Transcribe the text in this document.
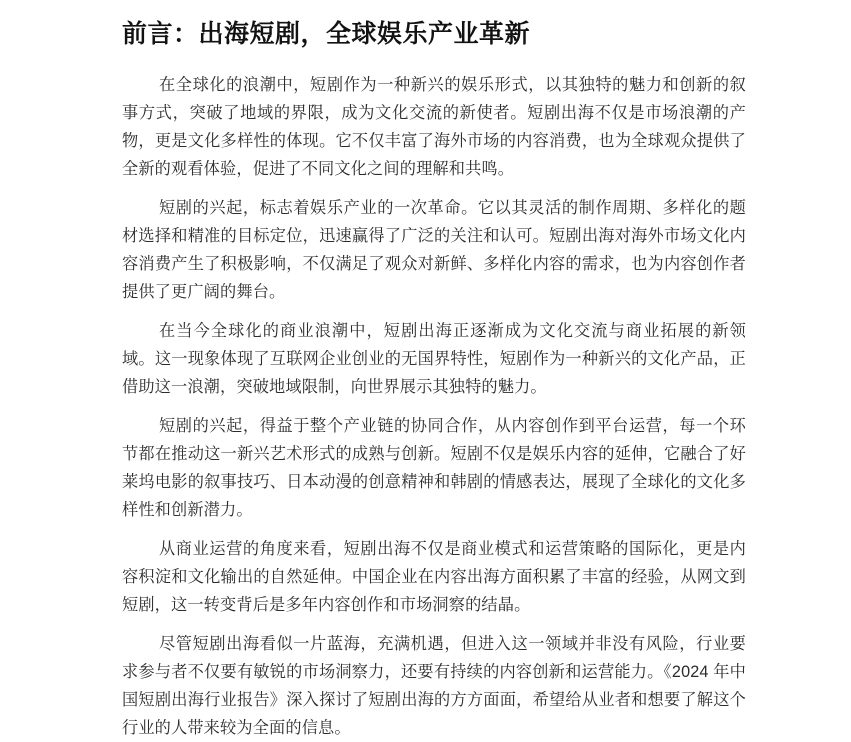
前言：出海短剧，全球娱乐产业革新

在全球化的浪潮中，短剧作为一种新兴的娱乐形式，以其独特的魅力和创新的叙事方式，突破了地域的界限，成为文化交流的新使者。短剧出海不仅是市场浪潮的产物，更是文化多样性的体现。它不仅丰富了海外市场的内容消费，也为全球观众提供了全新的观看体验，促进了不同文化之间的理解和共鸣。

短剧的兴起，标志着娱乐产业的一次革命。它以其灵活的制作周期、多样化的题材选择和精准的目标定位，迅速赢得了广泛的关注和认可。短剧出海对海外市场文化内容消费产生了积极影响，不仅满足了观众对新鲜、多样化内容的需求，也为内容创作者提供了更广阔的舞台。

在当今全球化的商业浪潮中，短剧出海正逐渐成为文化交流与商业拓展的新领域。这一现象体现了互联网企业创业的无国界特性，短剧作为一种新兴的文化产品，正借助这一浪潮，突破地域限制，向世界展示其独特的魅力。

短剧的兴起，得益于整个产业链的协同合作，从内容创作到平台运营，每一个环节都在推动这一新兴艺术形式的成熟与创新。短剧不仅是娱乐内容的延伸，它融合了好莱坞电影的叙事技巧、日本动漫的创意精神和韩剧的情感表达，展现了全球化的文化多样性和创新潜力。

从商业运营的角度来看，短剧出海不仅是商业模式和运营策略的国际化，更是内容积淀和文化输出的自然延伸。中国企业在内容出海方面积累了丰富的经验，从网文到短剧，这一转变背后是多年内容创作和市场洞察的结晶。

尽管短剧出海看似一片蓝海，充满机遇，但进入这一领域并非没有风险，行业要求参与者不仅要有敏锐的市场洞察力，还要有持续的内容创新和运营能力。《2024 年中国短剧出海行业报告》深入探讨了短剧出海的方方面面，希望给从业者和想要了解这个行业的人带来较为全面的信息。
